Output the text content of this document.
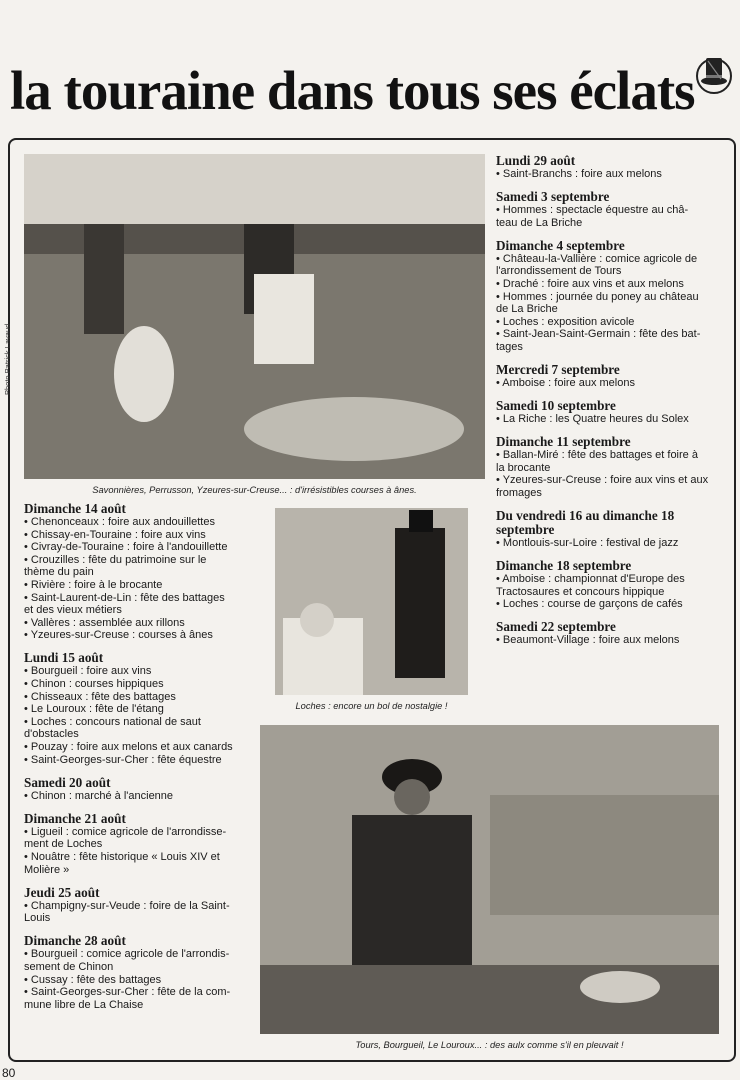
la touraine dans tous ses éclats
Photo Patrick Lavaud
Savonnières, Perrusson, Yzeures-sur-Creuse... : d'irrésistibles courses à ânes.
Loches : encore un bol de nostalgie !
Tours, Bourgueil, Le Louroux... : des aulx comme s'il en pleuvait !
Dimanche 14 août

• Chenonceaux : foire aux andouillettes

• Chissay-en-Touraine : foire aux vins

• Civray-de-Touraine : foire à l'andouillette

• Crouzilles : fête du patrimoine sur le

thème du pain

• Rivière : foire à le brocante

• Saint-Laurent-de-Lin : fête des battages

et des vieux métiers

• Vallères : assemblée aux rillons

• Yzeures-sur-Creuse : courses à ânes

Lundi 15 août

• Bourgueil : foire aux vins

• Chinon : courses hippiques

• Chisseaux : fête des battages

• Le Louroux : fête de l'étang

• Loches : concours national de saut

d'obstacles

• Pouzay : foire aux melons et aux canards

• Saint-Georges-sur-Cher : fête équestre

Samedi 20 août

• Chinon : marché à l'ancienne

Dimanche 21 août

• Ligueil : comice agricole de l'arrondisse-

ment de Loches

• Nouâtre : fête historique « Louis XIV et

Molière »

Jeudi 25 août

• Champigny-sur-Veude : foire de la Saint-

Louis

Dimanche 28 août

• Bourgueil : comice agricole de l'arrondis-

sement de Chinon

• Cussay : fête des battages

• Saint-Georges-sur-Cher : fête de la com-

mune libre de La Chaise

Lundi 29 août

• Saint-Branchs : foire aux melons

Samedi 3 septembre

• Hommes : spectacle équestre au châ-

teau de La Briche

Dimanche 4 septembre

• Château-la-Vallière : comice agricole de

l'arrondissement de Tours

• Draché : foire aux vins et aux melons

• Hommes : journée du poney au château

de La Briche

• Loches : exposition avicole

• Saint-Jean-Saint-Germain : fête des bat-

tages

Mercredi 7 septembre

• Amboise : foire aux melons

Samedi 10 septembre

• La Riche : les Quatre heures du Solex

Dimanche 11 septembre

• Ballan-Miré : fête des battages et foire à

la brocante

• Yzeures-sur-Creuse : foire aux vins et aux

fromages

Du vendredi 16 au dimanche 18 septembre

• Montlouis-sur-Loire : festival de jazz

Dimanche 18 septembre

• Amboise : championnat d'Europe des

Tractosaures et concours hippique

• Loches : course de garçons de cafés

Samedi 22 septembre

• Beaumont-Village : foire aux melons

80
